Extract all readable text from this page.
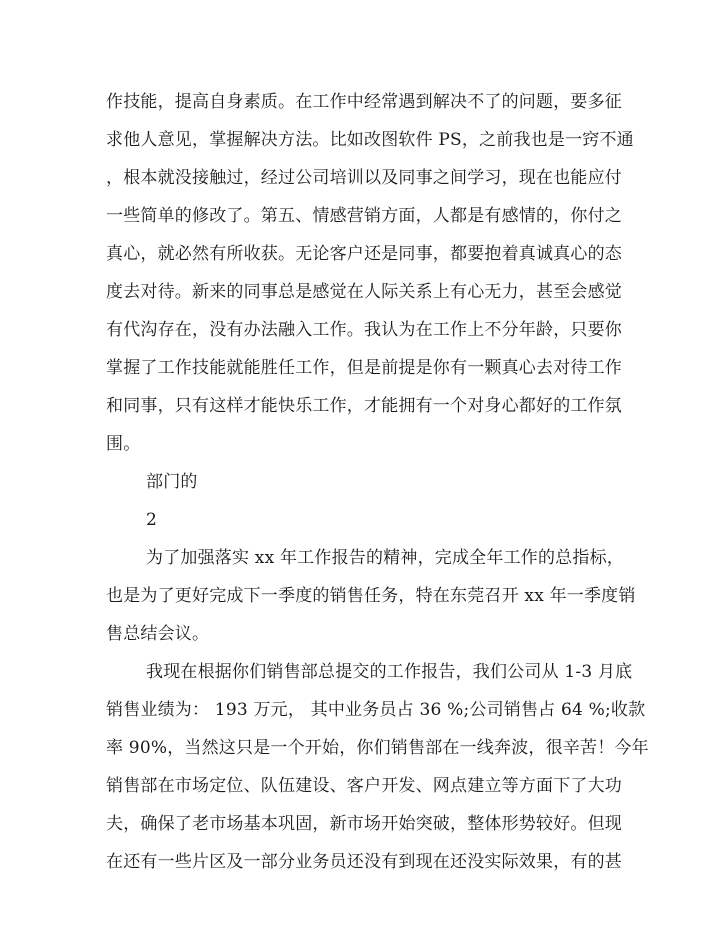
作技能，提高自身素质。在工作中经常遇到解决不了的问题，要多征
求他人意见，掌握解决方法。比如改图软件 PS，之前我也是一窍不通
，根本就没接触过，经过公司培训以及同事之间学习，现在也能应付
一些简单的修改了。第五、情感营销方面，人都是有感情的，你付之
真心，就必然有所收获。无论客户还是同事，都要抱着真诚真心的态
度去对待。新来的同事总是感觉在人际关系上有心无力，甚至会感觉
有代沟存在，没有办法融入工作。我认为在工作上不分年龄，只要你
掌握了工作技能就能胜任工作，但是前提是你有一颗真心去对待工作
和同事，只有这样才能快乐工作，才能拥有一个对身心都好的工作氛
围。
部门的
2
为了加强落实 xx 年工作报告的精神，完成全年工作的总指标，
也是为了更好完成下一季度的销售任务，特在东莞召开 xx 年一季度销
售总结会议。
我现在根据你们销售部总提交的工作报告，我们公司从 1-3 月底
销售业绩为： 193 万元， 其中业务员占 36 %;公司销售占 64 %;收款
率 90%，当然这只是一个开始，你们销售部在一线奔波，很辛苦！今年
销售部在市场定位、队伍建设、客户开发、网点建立等方面下了大功
夫，确保了老市场基本巩固，新市场开始突破，整体形势较好。但现
在还有一些片区及一部分业务员还没有到现在还没实际效果，有的甚
